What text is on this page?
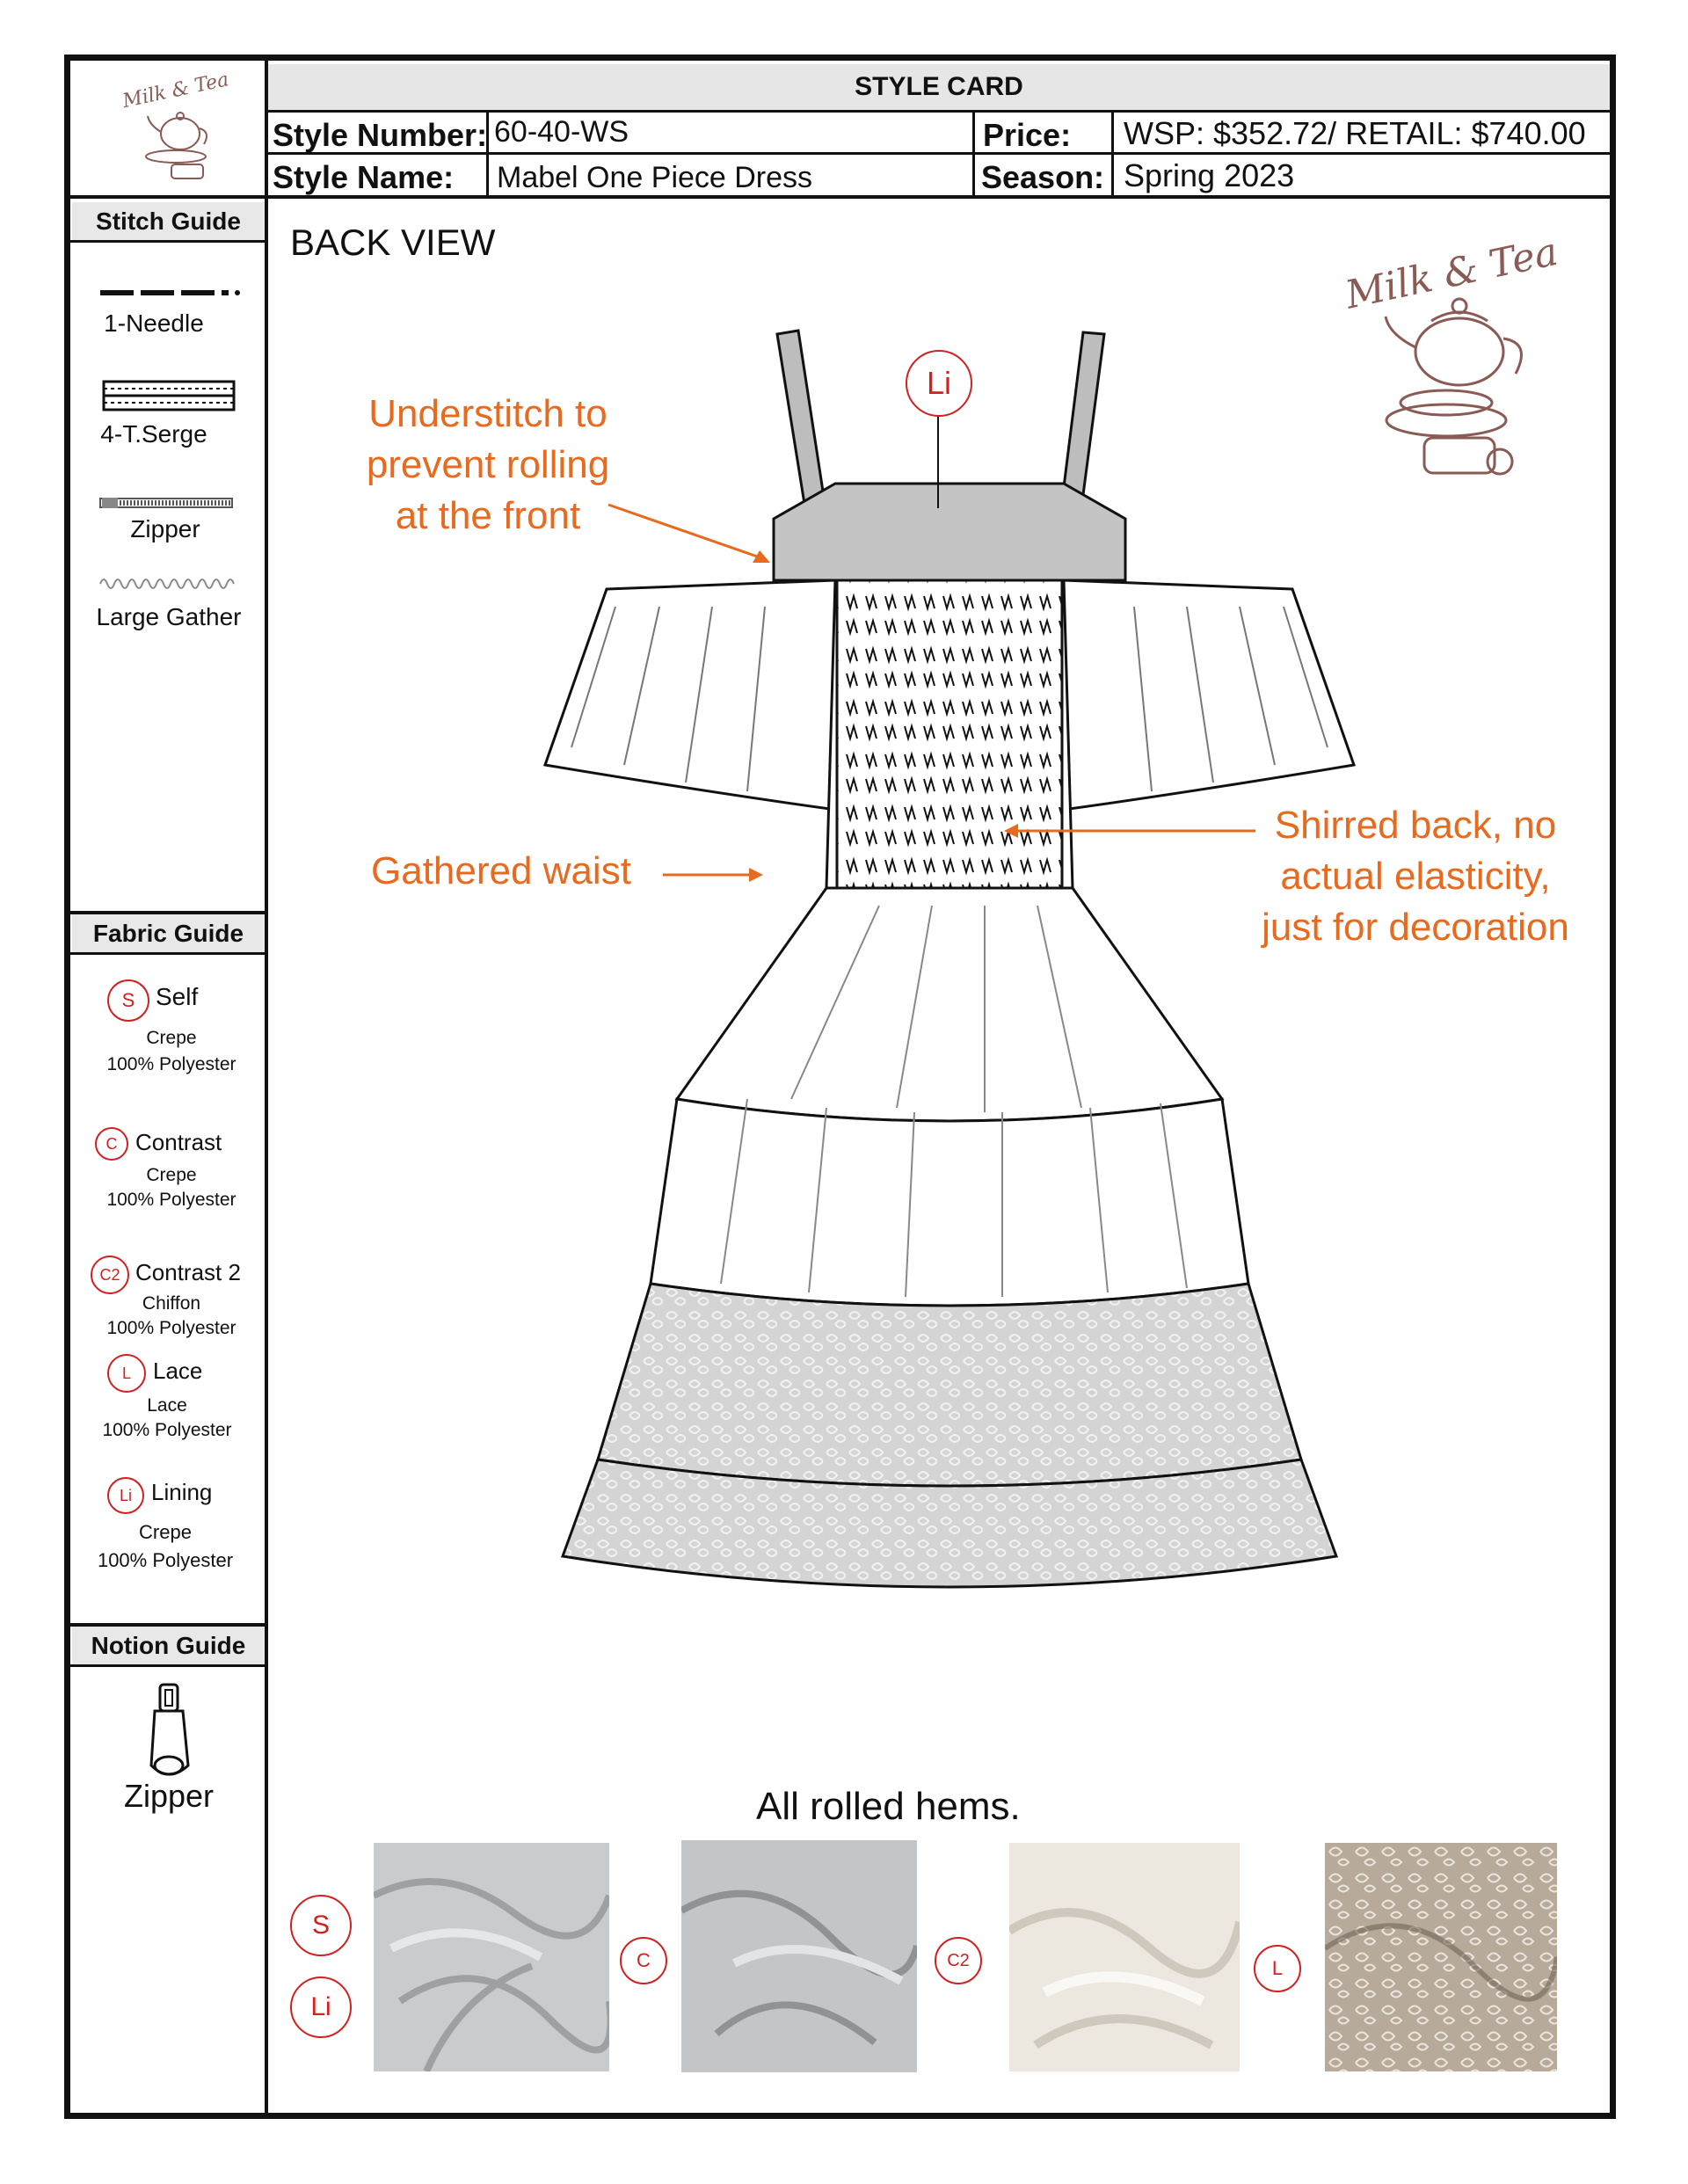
STYLE CARD
Style Number: 60-40-WS
Style Name: Mabel One Piece Dress
Price: WSP: $352.72/ RETAIL: $740.00
Season: Spring 2023
Milk & Tea
Stitch Guide
1-Needle
4-T.Serge
Zipper
Large Gather
Fabric Guide
S Self
Crepe
100% Polyester
C Contrast
Crepe
100% Polyester
C2 Contrast 2
Chiffon
100% Polyester
L Lace
Lace
100% Polyester
Li Lining
Crepe
100% Polyester
Notion Guide
Zipper
BACK VIEW	Milk & Tea
Li
Understitch to
prevent rolling
at the front
Gathered waist
Shirred back, no
actual elasticity,
just for decoration
All rolled hems.
S
Li
C	C2	L
